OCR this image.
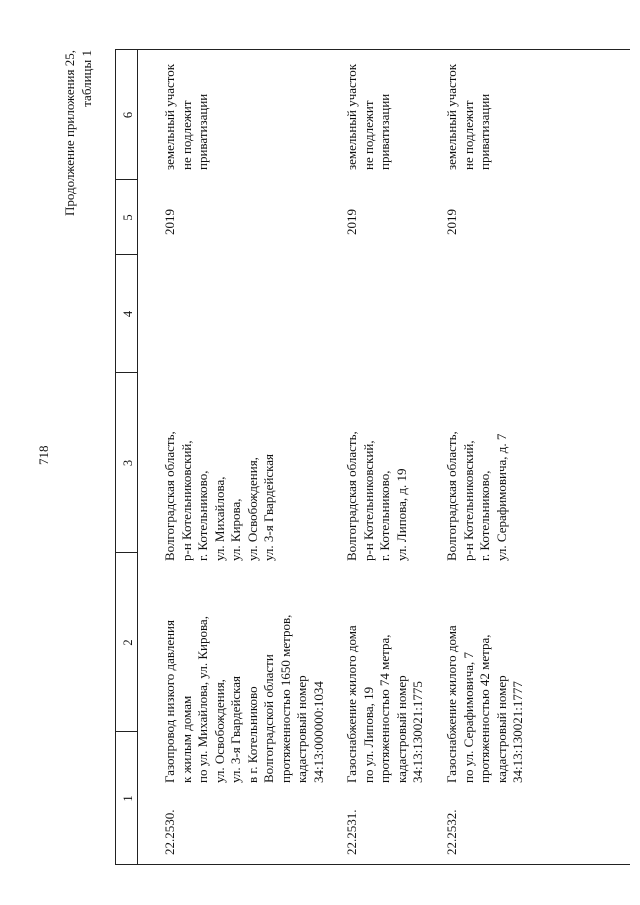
718
Продолжение приложения 25, таблицы 1
1
2
3
4
5
6
22.2530.
Газопровод низкого давления к жилым домам по ул. Михайлова, ул. Кирова, ул. Освобождения, ул. 3-я Гвардейская в г. Котельниково Волгоградской области протяженностью 1650 метров, кадастровый номер 34:13:000000:1034
Волгоградская область, р-н Котельниковский, г. Котельниково, ул. Михайлова, ул. Кирова, ул. Освобождения, ул. 3-я Гвардейская
2019
земельный участок не подлежит приватизации
22.2531.
Газоснабжение жилого дома по ул. Липова, 19 протяженностью 74 метра, кадастровый номер 34:13:130021:1775
Волгоградская область, р-н Котельниковский, г. Котельниково, ул. Липова, д. 19
2019
земельный участок не подлежит приватизации
22.2532.
Газоснабжение жилого дома по ул. Серафимовича, 7 протяженностью 42 метра, кадастровый номер 34:13:130021:1777
Волгоградская область, р-н Котельниковский, г. Котельниково, ул. Серафимовича, д. 7
2019
земельный участок не подлежит приватизации
